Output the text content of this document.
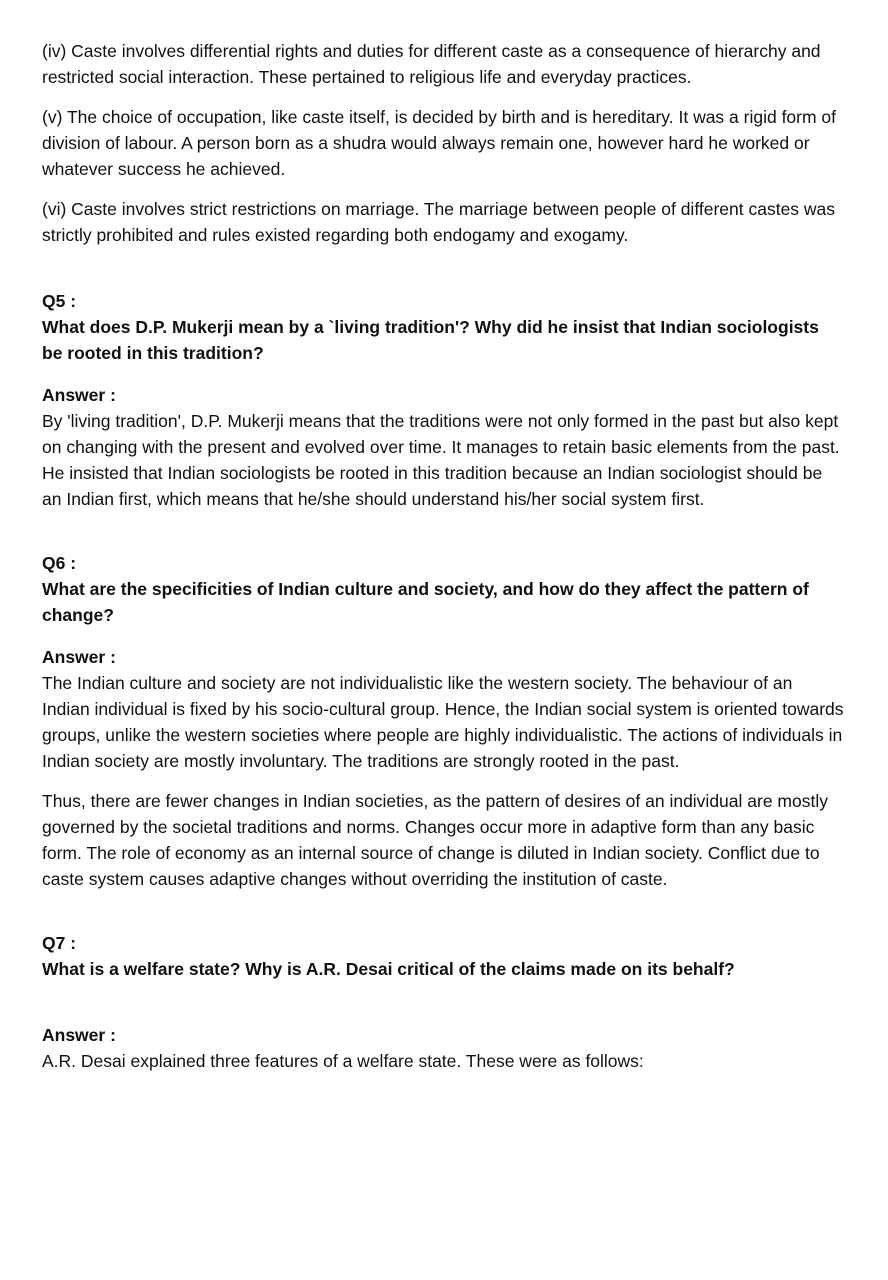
(iv) Caste involves differential rights and duties for different caste as a consequence of hierarchy and restricted social interaction. These pertained to religious life and everyday practices.

(v) The choice of occupation, like caste itself, is decided by birth and is hereditary. It was a rigid form of division of labour. A person born as a shudra would always remain one, however hard he worked or whatever success he achieved.

(vi) Caste involves strict restrictions on marriage. The marriage between people of different castes was strictly prohibited and rules existed regarding both endogamy and exogamy.

Q5 :

What does D.P. Mukerji mean by a `living tradition'? Why did he insist that Indian sociologists be rooted in this tradition?

Answer :

By 'living tradition', D.P. Mukerji means that the traditions were not only formed in the past but also kept on changing with the present and evolved over time. It manages to retain basic elements from the past. He insisted that Indian sociologists be rooted in this tradition because an Indian sociologist should be an Indian first, which means that he/she should understand his/her social system first.

Q6 :

What are the specificities of Indian culture and society, and how do they affect the pattern of change?

Answer :

The Indian culture and society are not individualistic like the western society. The behaviour of an Indian individual is fixed by his socio-cultural group. Hence, the Indian social system is oriented towards groups, unlike the western societies where people are highly individualistic. The actions of individuals in Indian society are mostly involuntary. The traditions are strongly rooted in the past.

Thus, there are fewer changes in Indian societies, as the pattern of desires of an individual are mostly governed by the societal traditions and norms. Changes occur more in adaptive form than any basic form. The role of economy as an internal source of change is diluted in Indian society. Conflict due to caste system causes adaptive changes without overriding the institution of caste.

Q7 :

What is a welfare state? Why is A.R. Desai critical of the claims made on its behalf?

Answer :

A.R. Desai explained three features of a welfare state. These were as follows:
